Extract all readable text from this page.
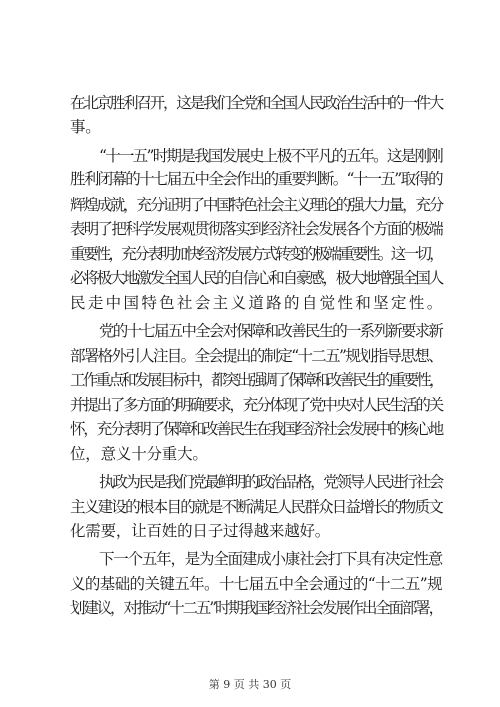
在北京胜利召开，这是我们全党和全国人民政治生活中的一件大
事。
“十一五”时期是我国发展史上极不平凡的五年。这是刚刚
胜利闭幕的十七届五中全会作出的重要判断。“十一五”取得的
辉煌成就，充分证明了中国特色社会主义理论的强大力量，充分
表明了把科学发展观贯彻落实到经济社会发展各个方面的极端
重要性，充分表明加快经济发展方式转变的极端重要性。这一切，
必将极大地激发全国人民的自信心和自豪感，极大地增强全国人
民走中国特色社会主义道路的自觉性和坚定性。
党的十七届五中全会对保障和改善民生的一系列新要求新
部署格外引人注目。全会提出的制定“十二五”规划指导思想、
工作重点和发展目标中，都突出强调了保障和改善民生的重要性，
并提出了多方面的明确要求，充分体现了党中央对人民生活的关
怀，充分表明了保障和改善民生在我国经济社会发展中的核心地
位，意义十分重大。
执政为民是我们党最鲜明的政治品格，党领导人民进行社会
主义建设的根本目的就是不断满足人民群众日益增长的物质文
化需要，让百姓的日子过得越来越好。
下一个五年，是为全面建成小康社会打下具有决定性意
义的基础的关键五年。十七届五中全会通过的“十二五”规
划建议，对推动“十二五”时期我国经济社会发展作出全面部署，
第 9 页 共 30 页
